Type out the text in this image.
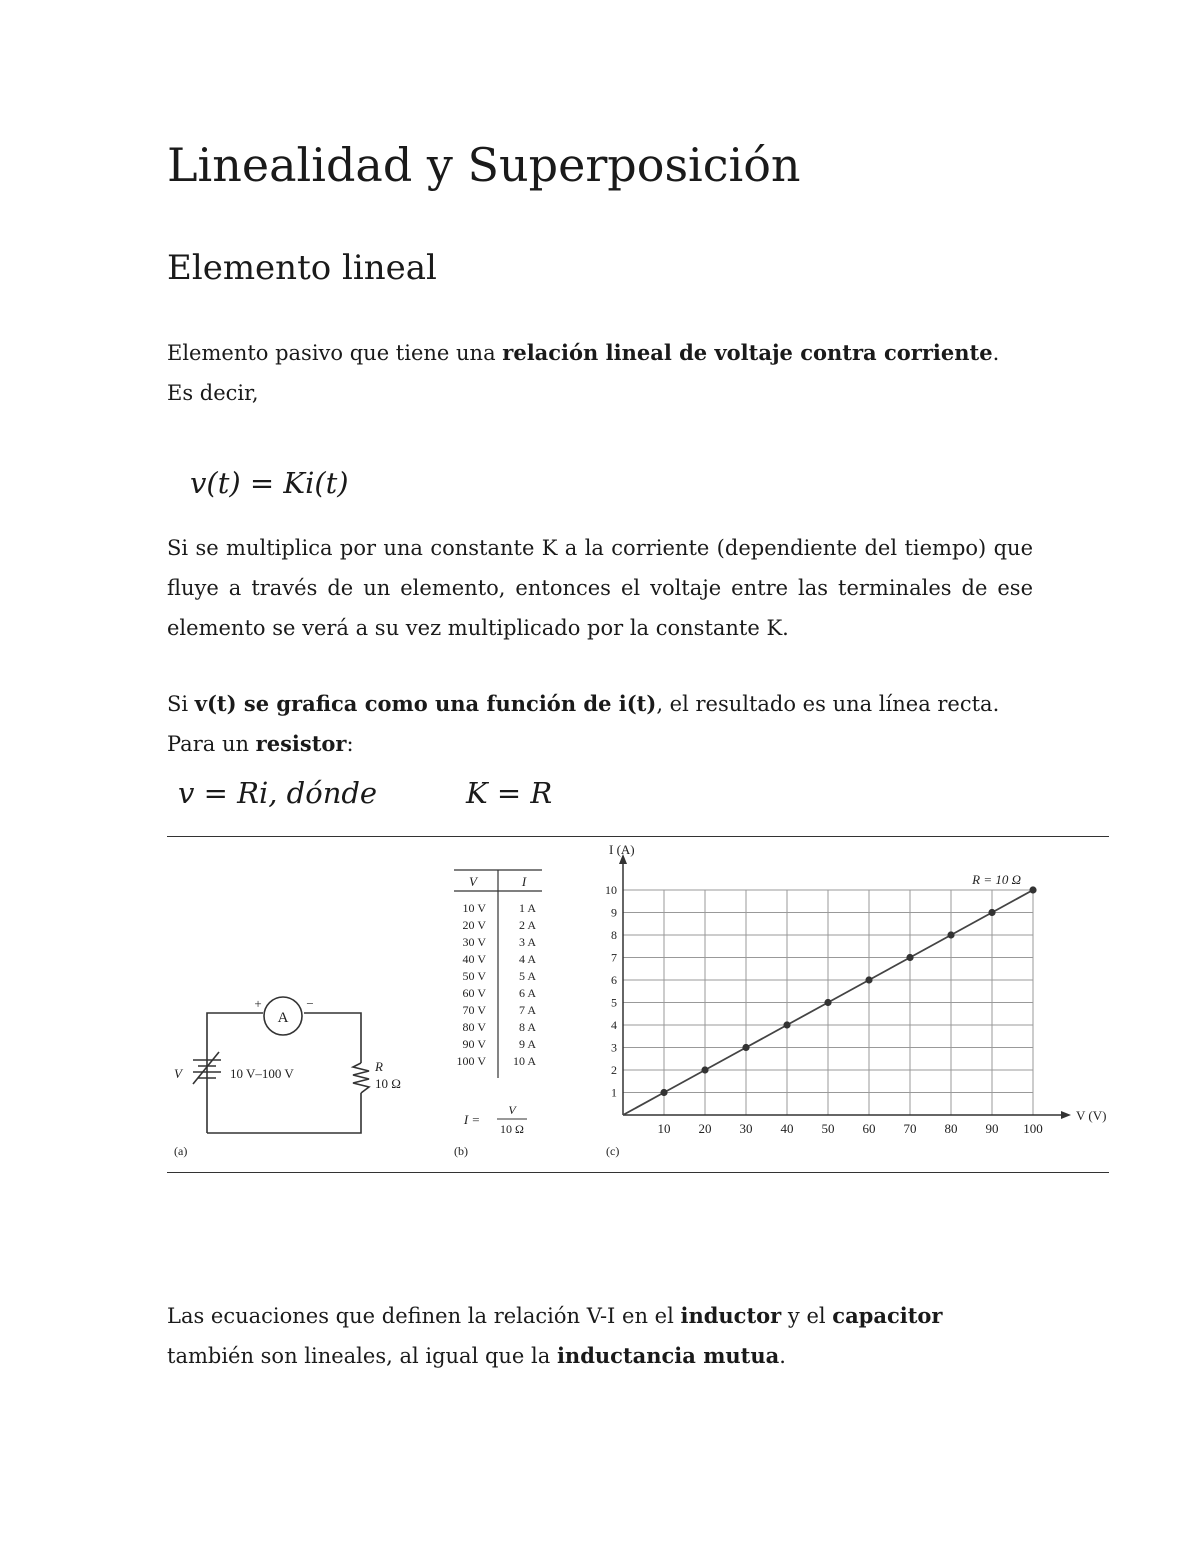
Linealidad y Superposición
Elemento lineal
Elemento pasivo que tiene una relación lineal de voltaje contra corriente.
Es decir,
v(t) = Ki(t)
Si se multiplica por una constante K a la corriente (dependiente del tiempo) que fluye a través de un elemento, entonces el voltaje entre las terminales de ese elemento se verá a su vez multiplicado por la constante K.
Si v(t) se grafica como una función de i(t), el resultado es una línea recta.
Para un resistor:
v = Ri, dónde	K = R
A
+	−
V	10 V–100 V	R
10 Ω
(a)
V	I
10 V	1 A
20 V	2 A
30 V	3 A
40 V	4 A
50 V	5 A
60 V	6 A
70 V	7 A
80 V	8 A
90 V	9 A
100 V 10 A
I =
V
10 Ω
(b)
10 20 30 40 50 60 70 80 90 100
1
2
3
4
5
6
7
8
9
10
V (V)
I (A)
R = 10 Ω
(c)
Las ecuaciones que definen la relación V-I en el inductor y el capacitor también son lineales, al igual que la inductancia mutua.
